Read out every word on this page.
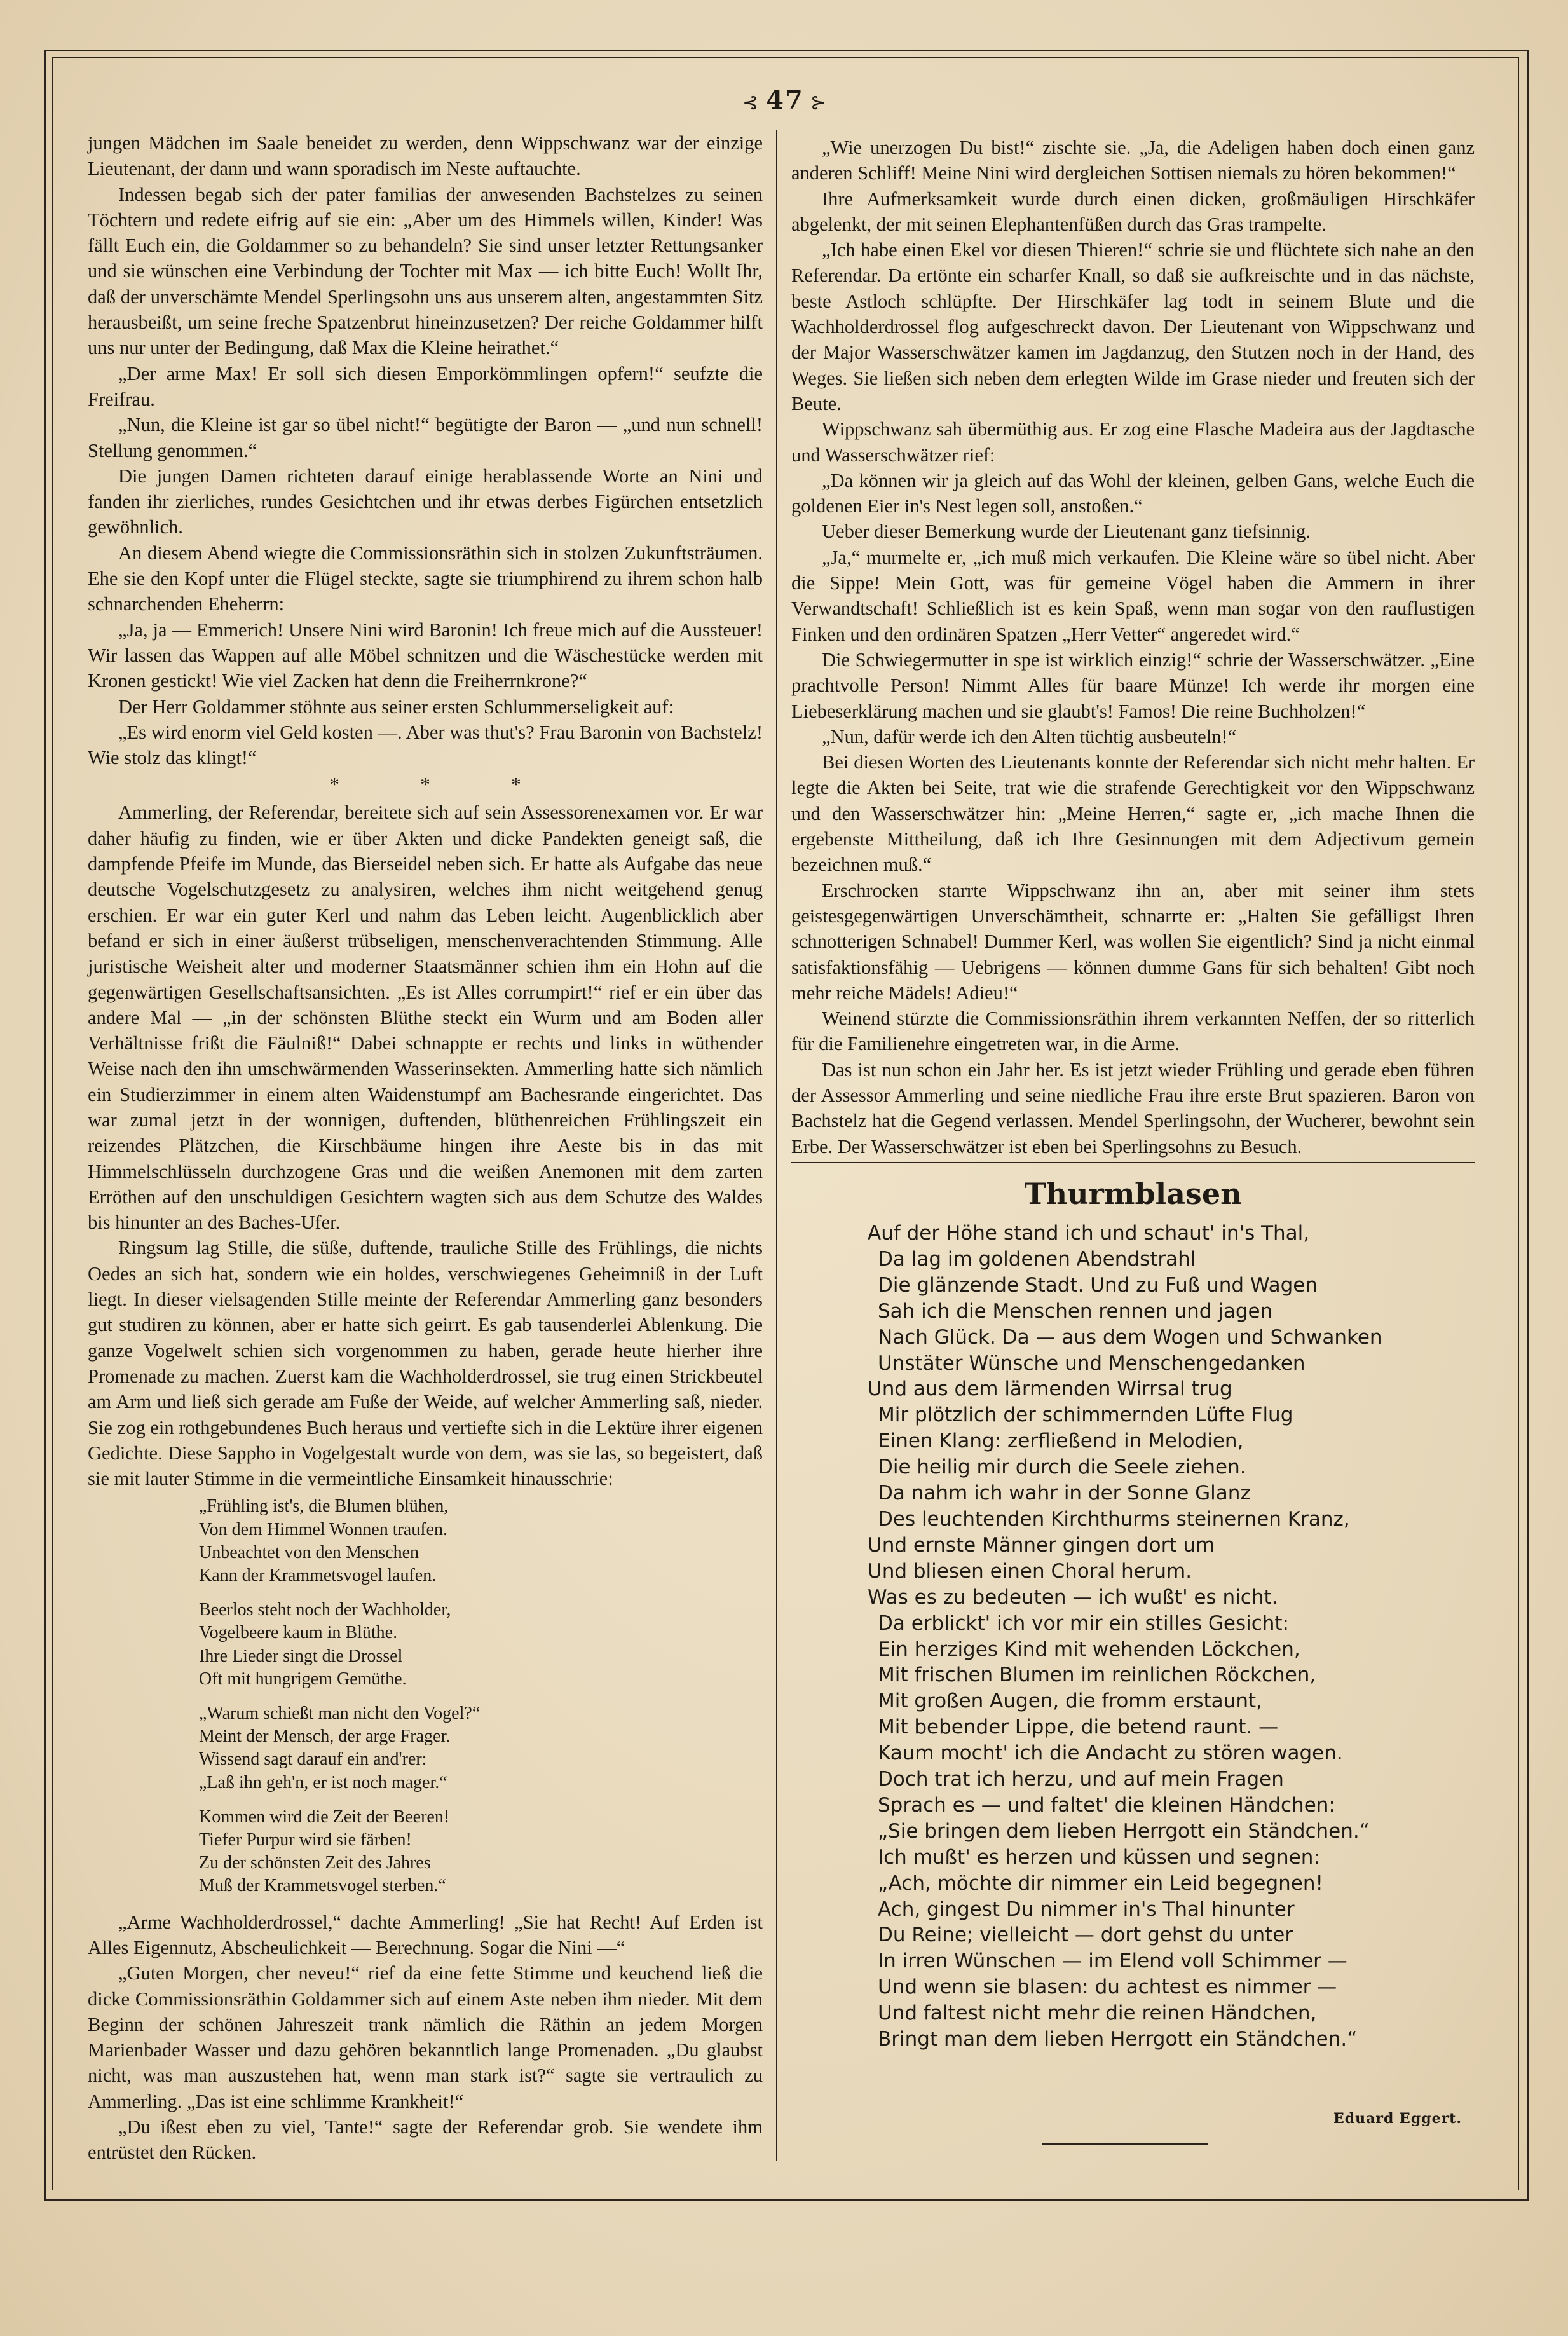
⊰ 47 ⊱

jungen Mädchen im Saale beneidet zu werden, denn Wippschwanz war der einzige Lieutenant, der dann und wann sporadisch im Neste auftauchte.

Indessen begab sich der pater familias der anwesenden Bachstelzes zu seinen Töchtern und redete eifrig auf sie ein: „Aber um des Himmels willen, Kinder! Was fällt Euch ein, die Goldammer so zu behandeln? Sie sind unser letzter Rettungsanker und sie wünschen eine Verbindung der Tochter mit Max — ich bitte Euch! Wollt Ihr, daß der unverschämte Mendel Sperlingsohn uns aus unserem alten, angestammten Sitz herausbeißt, um seine freche Spatzenbrut hineinzusetzen? Der reiche Goldammer hilft uns nur unter der Bedingung, daß Max die Kleine heirathet.“

„Der arme Max! Er soll sich diesen Emporkömmlingen opfern!“ seufzte die Freifrau.

„Nun, die Kleine ist gar so übel nicht!“ begütigte der Baron — „und nun schnell! Stellung genommen.“

Die jungen Damen richteten darauf einige herablassende Worte an Nini und fanden ihr zierliches, rundes Gesichtchen und ihr etwas derbes Figürchen entsetzlich gewöhnlich.

An diesem Abend wiegte die Commissionsräthin sich in stolzen Zukunftsträumen. Ehe sie den Kopf unter die Flügel steckte, sagte sie triumphirend zu ihrem schon halb schnarchenden Eheherrn:

„Ja, ja — Emmerich! Unsere Nini wird Baronin! Ich freue mich auf die Aussteuer! Wir lassen das Wappen auf alle Möbel schnitzen und die Wäschestücke werden mit Kronen gestickt! Wie viel Zacken hat denn die Freiherrnkrone?“

Der Herr Goldammer stöhnte aus seiner ersten Schlummerseligkeit auf:

„Es wird enorm viel Geld kosten —. Aber was thut's? Frau Baronin von Bachstelz! Wie stolz das klingt!“

* * *

Ammerling, der Referendar, bereitete sich auf sein Assessorenexamen vor. Er war daher häufig zu finden, wie er über Akten und dicke Pandekten geneigt saß, die dampfende Pfeife im Munde, das Bierseidel neben sich. Er hatte als Aufgabe das neue deutsche Vogelschutzgesetz zu analysiren, welches ihm nicht weitgehend genug erschien. Er war ein guter Kerl und nahm das Leben leicht. Augenblicklich aber befand er sich in einer äußerst trübseligen, menschenverachtenden Stimmung. Alle juristische Weisheit alter und moderner Staatsmänner schien ihm ein Hohn auf die gegenwärtigen Gesellschaftsansichten. „Es ist Alles corrumpirt!“ rief er ein über das andere Mal — „in der schönsten Blüthe steckt ein Wurm und am Boden aller Verhältnisse frißt die Fäulniß!“ Dabei schnappte er rechts und links in wüthender Weise nach den ihn umschwärmenden Wasserinsekten. Ammerling hatte sich nämlich ein Studierzimmer in einem alten Waidenstumpf am Bachesrande eingerichtet. Das war zumal jetzt in der wonnigen, duftenden, blüthenreichen Frühlingszeit ein reizendes Plätzchen, die Kirschbäume hingen ihre Aeste bis in das mit Himmelschlüsseln durchzogene Gras und die weißen Anemonen mit dem zarten Erröthen auf den unschuldigen Gesichtern wagten sich aus dem Schutze des Waldes bis hinunter an des Baches-Ufer.

Ringsum lag Stille, die süße, duftende, trauliche Stille des Frühlings, die nichts Oedes an sich hat, sondern wie ein holdes, verschwiegenes Geheimniß in der Luft liegt. In dieser vielsagenden Stille meinte der Referendar Ammerling ganz besonders gut studiren zu können, aber er hatte sich geirrt. Es gab tausenderlei Ablenkung. Die ganze Vogelwelt schien sich vorgenommen zu haben, gerade heute hierher ihre Promenade zu machen. Zuerst kam die Wachholderdrossel, sie trug einen Strickbeutel am Arm und ließ sich gerade am Fuße der Weide, auf welcher Ammerling saß, nieder. Sie zog ein rothgebundenes Buch heraus und vertiefte sich in die Lektüre ihrer eigenen Gedichte. Diese Sappho in Vogelgestalt wurde von dem, was sie las, so begeistert, daß sie mit lauter Stimme in die vermeintliche Einsamkeit hinausschrie:

„Frühling ist's, die Blumen blühen,
Von dem Himmel Wonnen traufen.
Unbeachtet von den Menschen
Kann der Krammetsvogel laufen.
Beerlos steht noch der Wachholder,
Vogelbeere kaum in Blüthe.
Ihre Lieder singt die Drossel
Oft mit hungrigem Gemüthe.
„Warum schießt man nicht den Vogel?“
Meint der Mensch, der arge Frager.
Wissend sagt darauf ein and'rer:
„Laß ihn geh'n, er ist noch mager.“
Kommen wird die Zeit der Beeren!
Tiefer Purpur wird sie färben!
Zu der schönsten Zeit des Jahres
Muß der Krammetsvogel sterben.“

„Arme Wachholderdrossel,“ dachte Ammerling! „Sie hat Recht! Auf Erden ist Alles Eigennutz, Abscheulichkeit — Berechnung. Sogar die Nini —“

„Guten Morgen, cher neveu!“ rief da eine fette Stimme und keuchend ließ die dicke Commissionsräthin Goldammer sich auf einem Aste neben ihm nieder. Mit dem Beginn der schönen Jahreszeit trank nämlich die Räthin an jedem Morgen Marienbader Wasser und dazu gehören bekanntlich lange Promenaden. „Du glaubst nicht, was man auszustehen hat, wenn man stark ist?“ sagte sie vertraulich zu Ammerling. „Das ist eine schlimme Krankheit!“

„Du ißest eben zu viel, Tante!“ sagte der Referendar grob. Sie wendete ihm entrüstet den Rücken.

„Wie unerzogen Du bist!“ zischte sie. „Ja, die Adeligen haben doch einen ganz anderen Schliff! Meine Nini wird dergleichen Sottisen niemals zu hören bekommen!“

Ihre Aufmerksamkeit wurde durch einen dicken, großmäuligen Hirschkäfer abgelenkt, der mit seinen Elephantenfüßen durch das Gras trampelte.

„Ich habe einen Ekel vor diesen Thieren!“ schrie sie und flüchtete sich nahe an den Referendar. Da ertönte ein scharfer Knall, so daß sie aufkreischte und in das nächste, beste Astloch schlüpfte. Der Hirschkäfer lag todt in seinem Blute und die Wachholderdrossel flog aufgeschreckt davon. Der Lieutenant von Wippschwanz und der Major Wasserschwätzer kamen im Jagdanzug, den Stutzen noch in der Hand, des Weges. Sie ließen sich neben dem erlegten Wilde im Grase nieder und freuten sich der Beute.

Wippschwanz sah übermüthig aus. Er zog eine Flasche Madeira aus der Jagdtasche und Wasserschwätzer rief:

„Da können wir ja gleich auf das Wohl der kleinen, gelben Gans, welche Euch die goldenen Eier in's Nest legen soll, anstoßen.“

Ueber dieser Bemerkung wurde der Lieutenant ganz tiefsinnig.

„Ja,“ murmelte er, „ich muß mich verkaufen. Die Kleine wäre so übel nicht. Aber die Sippe! Mein Gott, was für gemeine Vögel haben die Ammern in ihrer Verwandtschaft! Schließlich ist es kein Spaß, wenn man sogar von den rauflustigen Finken und den ordinären Spatzen „Herr Vetter“ angeredet wird.“

Die Schwiegermutter in spe ist wirklich einzig!“ schrie der Wasserschwätzer. „Eine prachtvolle Person! Nimmt Alles für baare Münze! Ich werde ihr morgen eine Liebeserklärung machen und sie glaubt's! Famos! Die reine Buchholzen!“

„Nun, dafür werde ich den Alten tüchtig ausbeuteln!“

Bei diesen Worten des Lieutenants konnte der Referendar sich nicht mehr halten. Er legte die Akten bei Seite, trat wie die strafende Gerechtigkeit vor den Wippschwanz und den Wasserschwätzer hin: „Meine Herren,“ sagte er, „ich mache Ihnen die ergebenste Mittheilung, daß ich Ihre Gesinnungen mit dem Adjectivum gemein bezeichnen muß.“

Erschrocken starrte Wippschwanz ihn an, aber mit seiner ihm stets geistesgegenwärtigen Unverschämtheit, schnarrte er: „Halten Sie gefälligst Ihren schnotterigen Schnabel! Dummer Kerl, was wollen Sie eigentlich? Sind ja nicht einmal satisfaktionsfähig — Uebrigens — können dumme Gans für sich behalten! Gibt noch mehr reiche Mädels! Adieu!“

Weinend stürzte die Commissionsräthin ihrem verkannten Neffen, der so ritterlich für die Familienehre eingetreten war, in die Arme.

Das ist nun schon ein Jahr her. Es ist jetzt wieder Frühling und gerade eben führen der Assessor Ammerling und seine niedliche Frau ihre erste Brut spazieren. Baron von Bachstelz hat die Gegend verlassen. Mendel Sperlingsohn, der Wucherer, bewohnt sein Erbe. Der Wasserschwätzer ist eben bei Sperlingsohns zu Besuch.

Thurmblasen
Auf der Höhe stand ich und schaut' in's Thal,
Da lag im goldenen Abendstrahl
Die glänzende Stadt. Und zu Fuß und Wagen
Sah ich die Menschen rennen und jagen
Nach Glück. Da — aus dem Wogen und Schwanken
Unstäter Wünsche und Menschengedanken
Und aus dem lärmenden Wirrsal trug
Mir plötzlich der schimmernden Lüfte Flug
Einen Klang: zerfließend in Melodien,
Die heilig mir durch die Seele ziehen.
Da nahm ich wahr in der Sonne Glanz
Des leuchtenden Kirchthurms steinernen Kranz,
Und ernste Männer gingen dort um
Und bliesen einen Choral herum.
Was es zu bedeuten — ich wußt' es nicht.
Da erblickt' ich vor mir ein stilles Gesicht:
Ein herziges Kind mit wehenden Löckchen,
Mit frischen Blumen im reinlichen Röckchen,
Mit großen Augen, die fromm erstaunt,
Mit bebender Lippe, die betend raunt. —
Kaum mocht' ich die Andacht zu stören wagen.
Doch trat ich herzu, und auf mein Fragen
Sprach es — und faltet' die kleinen Händchen:
„Sie bringen dem lieben Herrgott ein Ständchen.“
Ich mußt' es herzen und küssen und segnen:
„Ach, möchte dir nimmer ein Leid begegnen!
Ach, gingest Du nimmer in's Thal hinunter
Du Reine; vielleicht — dort gehst du unter
In irren Wünschen — im Elend voll Schimmer —
Und wenn sie blasen: du achtest es nimmer —
Und faltest nicht mehr die reinen Händchen,
Bringt man dem lieben Herrgott ein Ständchen.“
Eduard Eggert.
